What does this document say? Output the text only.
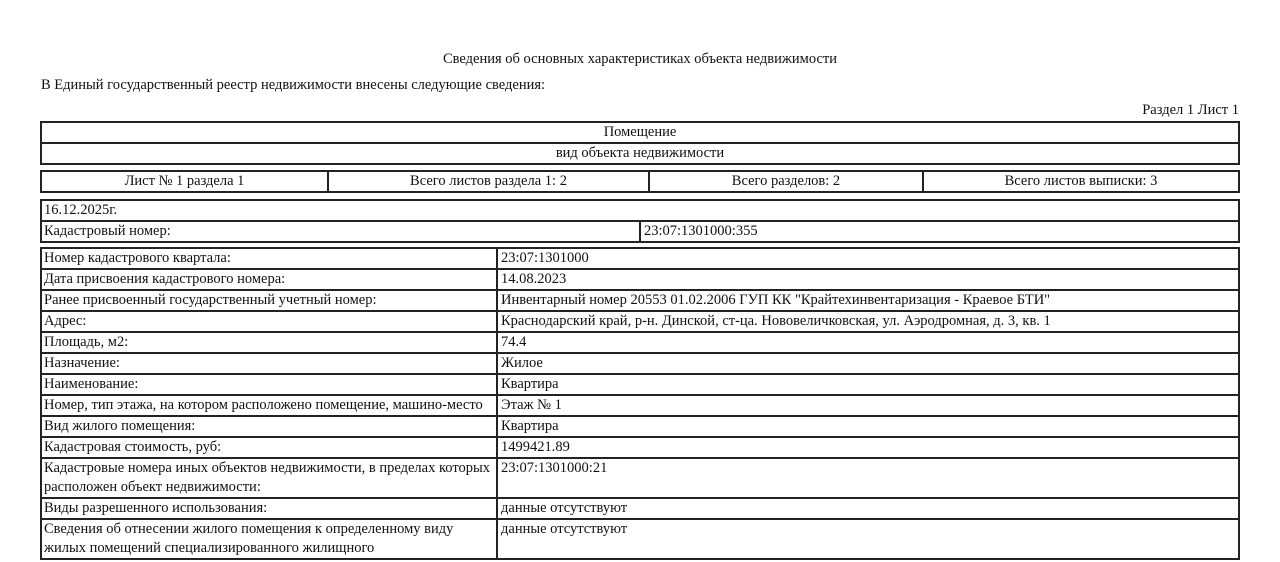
Сведения об основных характеристиках объекта недвижимости
В Единый государственный реестр недвижимости внесены следующие сведения:
Раздел 1 Лист 1
Помещение
вид объекта недвижимости
Лист № 1 раздела 1	Всего листов раздела 1: 2	Всего разделов: 2	Всего листов выписки: 3
16.12.2025г.
Кадастровый номер:	23:07:1301000:355
Номер кадастрового квартала:	23:07:1301000
Дата присвоения кадастрового номера:	14.08.2023
Ранее присвоенный государственный учетный номер:	Инвентарный номер 20553 01.02.2006 ГУП КК "Крайтехинвентаризация - Краевое БТИ"
Адрес:	Краснодарский край, р-н. Динской, ст-ца. Нововеличковская, ул. Аэродромная, д. 3, кв. 1
Площадь, м2:	74.4
Назначение:	Жилое
Наименование:	Квартира
Номер, тип этажа, на котором расположено помещение, машино-место	Этаж № 1
Вид жилого помещения:	Квартира
Кадастровая стоимость, руб:	1499421.89
Кадастровые номера иных объектов недвижимости, в пределах которых расположен объект недвижимости:	23:07:1301000:21
Виды разрешенного использования:	данные отсутствуют
Сведения об отнесении жилого помещения к определенному виду жилых помещений специализированного жилищного	данные отсутствуют
